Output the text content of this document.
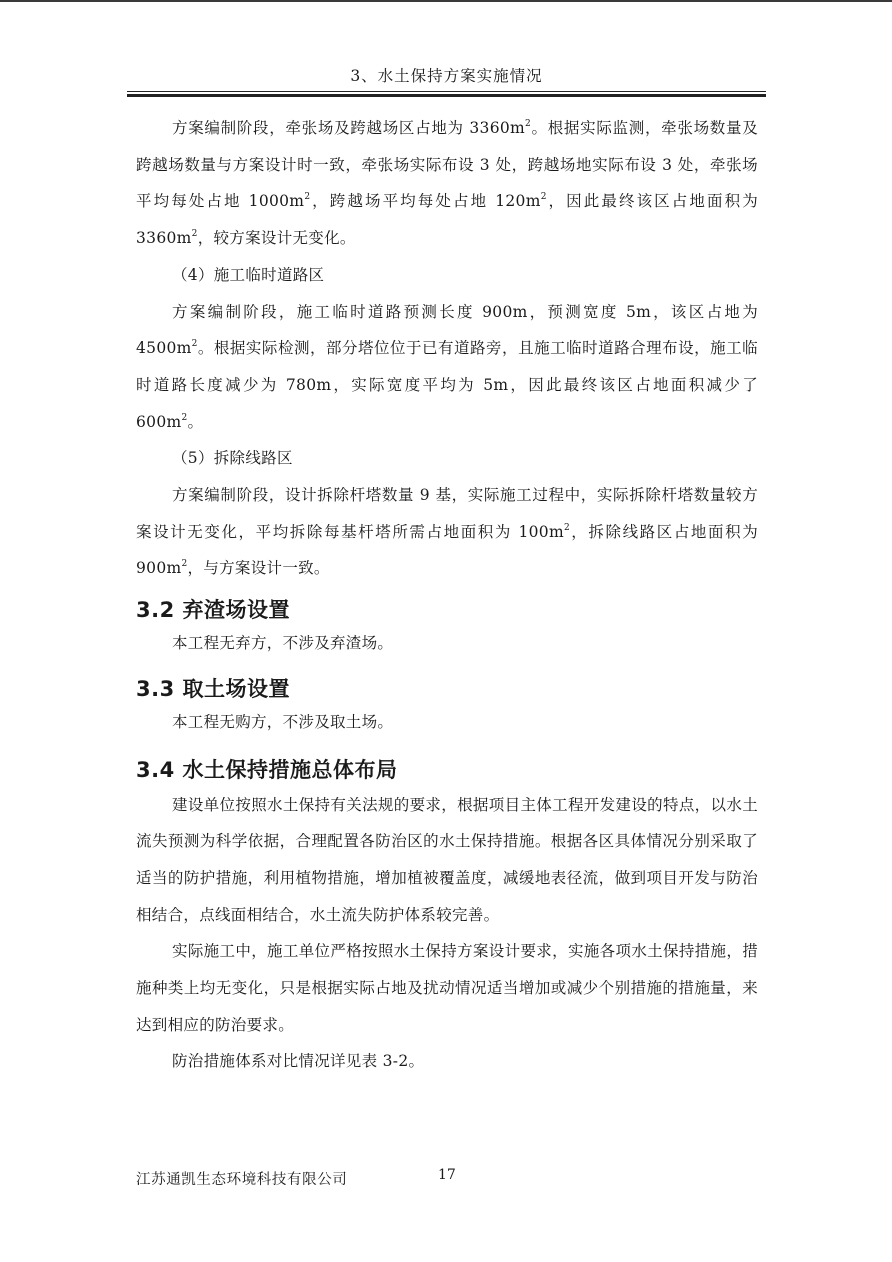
3、水土保持方案实施情况

方案编制阶段，牵张场及跨越场区占地为 $3360m^2$。根据实际监测，牵张场数量及跨越场数量与方案设计时一致，牵张场实际布设 3 处，跨越场地实际布设 3 处，牵张场平均每处占地 $1000m^2$，跨越场平均每处占地 $120m^2$，因此最终该区占地面积为 $3360m^2$，较方案设计无变化。

（4）施工临时道路区

方案编制阶段，施工临时道路预测长度 900m，预测宽度 5m，该区占地为 $4500m^2$。根据实际检测，部分塔位位于已有道路旁，且施工临时道路合理布设，施工临时道路长度减少为 780m，实际宽度平均为 5m，因此最终该区占地面积减少了 $600m^2$。

（5）拆除线路区

方案编制阶段，设计拆除杆塔数量 9 基，实际施工过程中，实际拆除杆塔数量较方案设计无变化，平均拆除每基杆塔所需占地面积为 $100m^2$，拆除线路区占地面积为 $900m^2$，与方案设计一致。

3.2 弃渣场设置

本工程无弃方，不涉及弃渣场。

3.3 取土场设置

本工程无购方，不涉及取土场。

3.4 水土保持措施总体布局

建设单位按照水土保持有关法规的要求，根据项目主体工程开发建设的特点，以水土流失预测为科学依据，合理配置各防治区的水土保持措施。根据各区具体情况分别采取了适当的防护措施，利用植物措施，增加植被覆盖度，减缓地表径流，做到项目开发与防治相结合，点线面相结合，水土流失防护体系较完善。

实际施工中，施工单位严格按照水土保持方案设计要求，实施各项水土保持措施，措施种类上均无变化，只是根据实际占地及扰动情况适当增加或减少个别措施的措施量，来达到相应的防治要求。

防治措施体系对比情况详见表 3-2。

江苏通凯生态环境科技有限公司	17
